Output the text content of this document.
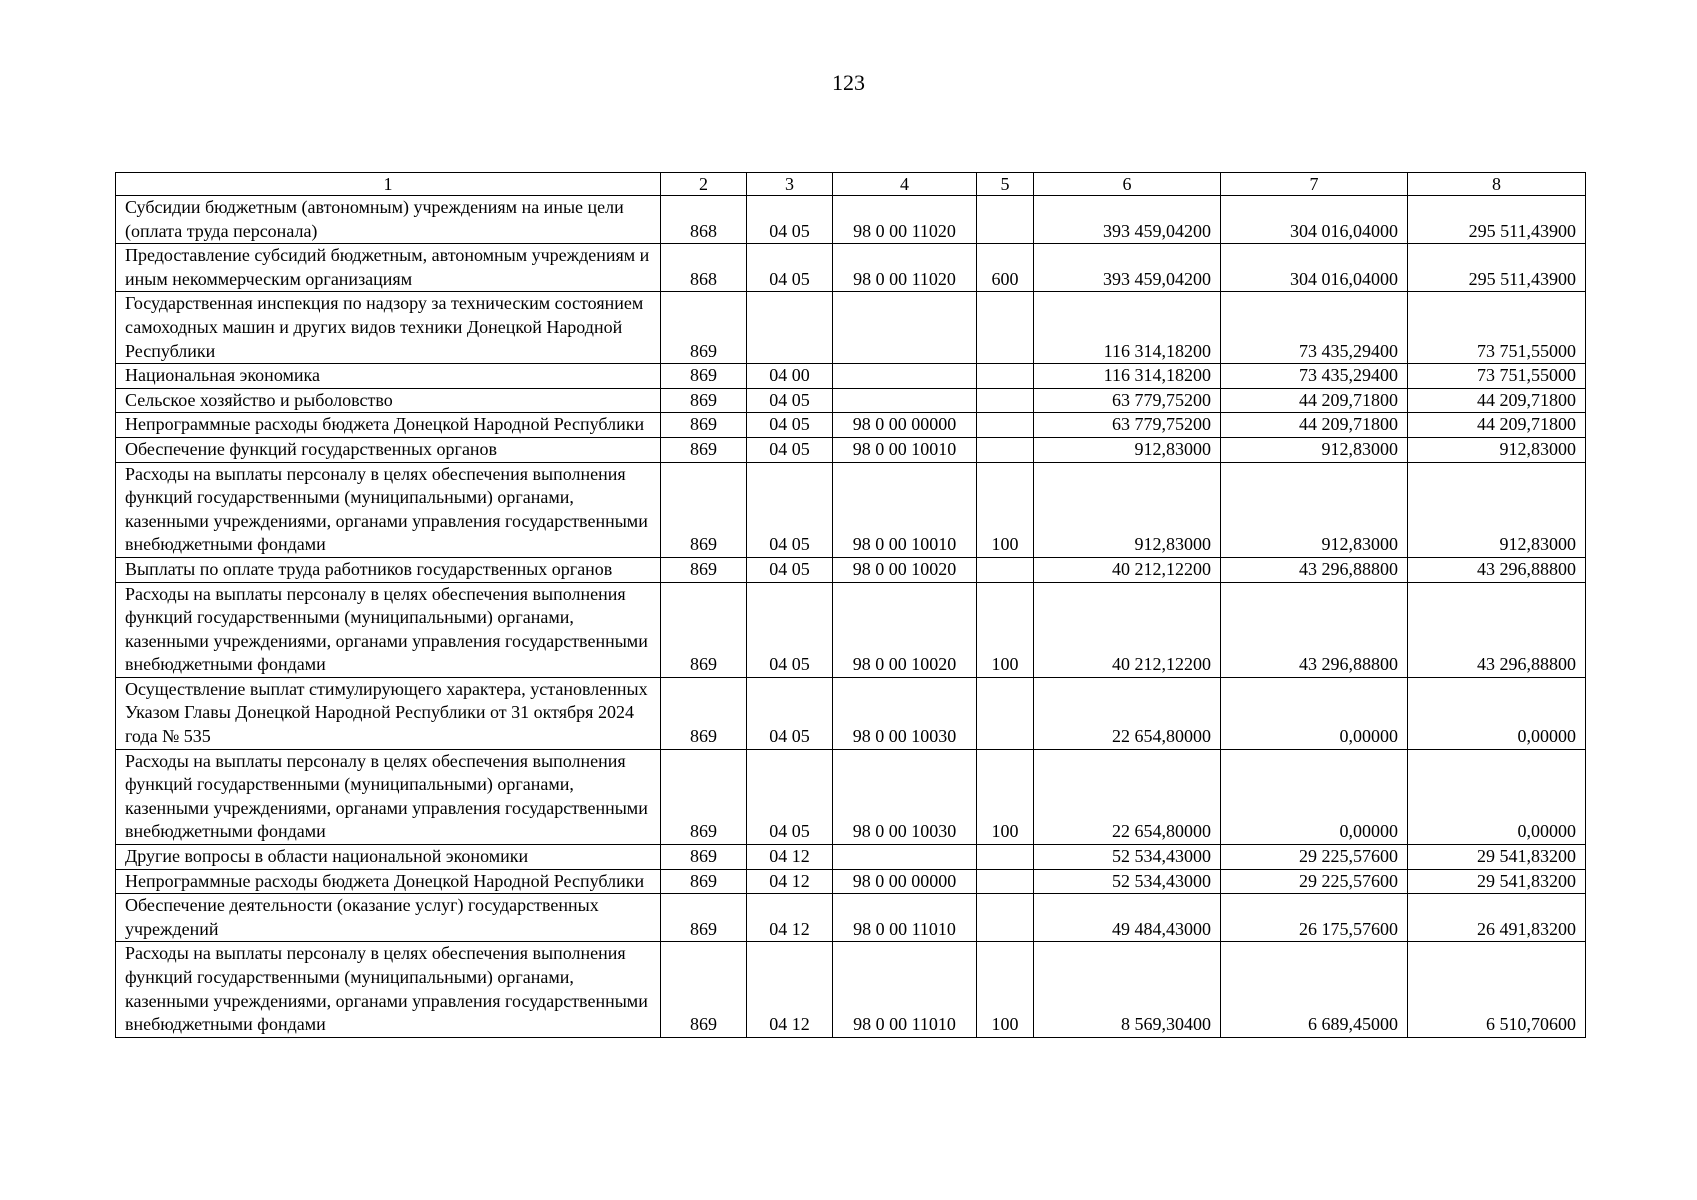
123
1	2	3	4	5	6	7	8
Субсидии бюджетным (автономным) учреждениям на иные цели (оплата труда персонала)	868	04 05	98 0 00 11020		393 459,04200	304 016,04000	295 511,43900
Предоставление субсидий бюджетным, автономным учреждениям и иным некоммерческим организациям	868	04 05	98 0 00 11020	600	393 459,04200	304 016,04000	295 511,43900
Государственная инспекция по надзору за техническим состоянием самоходных машин и других видов техники Донецкой Народной Республики	869				116 314,18200	73 435,29400	73 751,55000
Национальная экономика	869	04 00			116 314,18200	73 435,29400	73 751,55000
Сельское хозяйство и рыболовство	869	04 05			63 779,75200	44 209,71800	44 209,71800
Непрограммные расходы бюджета Донецкой Народной Республики	869	04 05	98 0 00 00000		63 779,75200	44 209,71800	44 209,71800
Обеспечение функций государственных органов	869	04 05	98 0 00 10010		912,83000	912,83000	912,83000
Расходы на выплаты персоналу в целях обеспечения выполнения функций государственными (муниципальными) органами, казенными учреждениями, органами управления государственными внебюджетными фондами	869	04 05	98 0 00 10010	100	912,83000	912,83000	912,83000
Выплаты по оплате труда работников государственных органов	869	04 05	98 0 00 10020		40 212,12200	43 296,88800	43 296,88800
Расходы на выплаты персоналу в целях обеспечения выполнения функций государственными (муниципальными) органами, казенными учреждениями, органами управления государственными внебюджетными фондами	869	04 05	98 0 00 10020	100	40 212,12200	43 296,88800	43 296,88800
Осуществление выплат стимулирующего характера, установленных Указом Главы Донецкой Народной Республики от 31 октября 2024 года № 535	869	04 05	98 0 00 10030		22 654,80000	0,00000	0,00000
Расходы на выплаты персоналу в целях обеспечения выполнения функций государственными (муниципальными) органами, казенными учреждениями, органами управления государственными внебюджетными фондами	869	04 05	98 0 00 10030	100	22 654,80000	0,00000	0,00000
Другие вопросы в области национальной экономики	869	04 12			52 534,43000	29 225,57600	29 541,83200
Непрограммные расходы бюджета Донецкой Народной Республики	869	04 12	98 0 00 00000		52 534,43000	29 225,57600	29 541,83200
Обеспечение деятельности (оказание услуг) государственных учреждений	869	04 12	98 0 00 11010		49 484,43000	26 175,57600	26 491,83200
Расходы на выплаты персоналу в целях обеспечения выполнения функций государственными (муниципальными) органами, казенными учреждениями, органами управления государственными внебюджетными фондами	869	04 12	98 0 00 11010	100	8 569,30400	6 689,45000	6 510,70600
